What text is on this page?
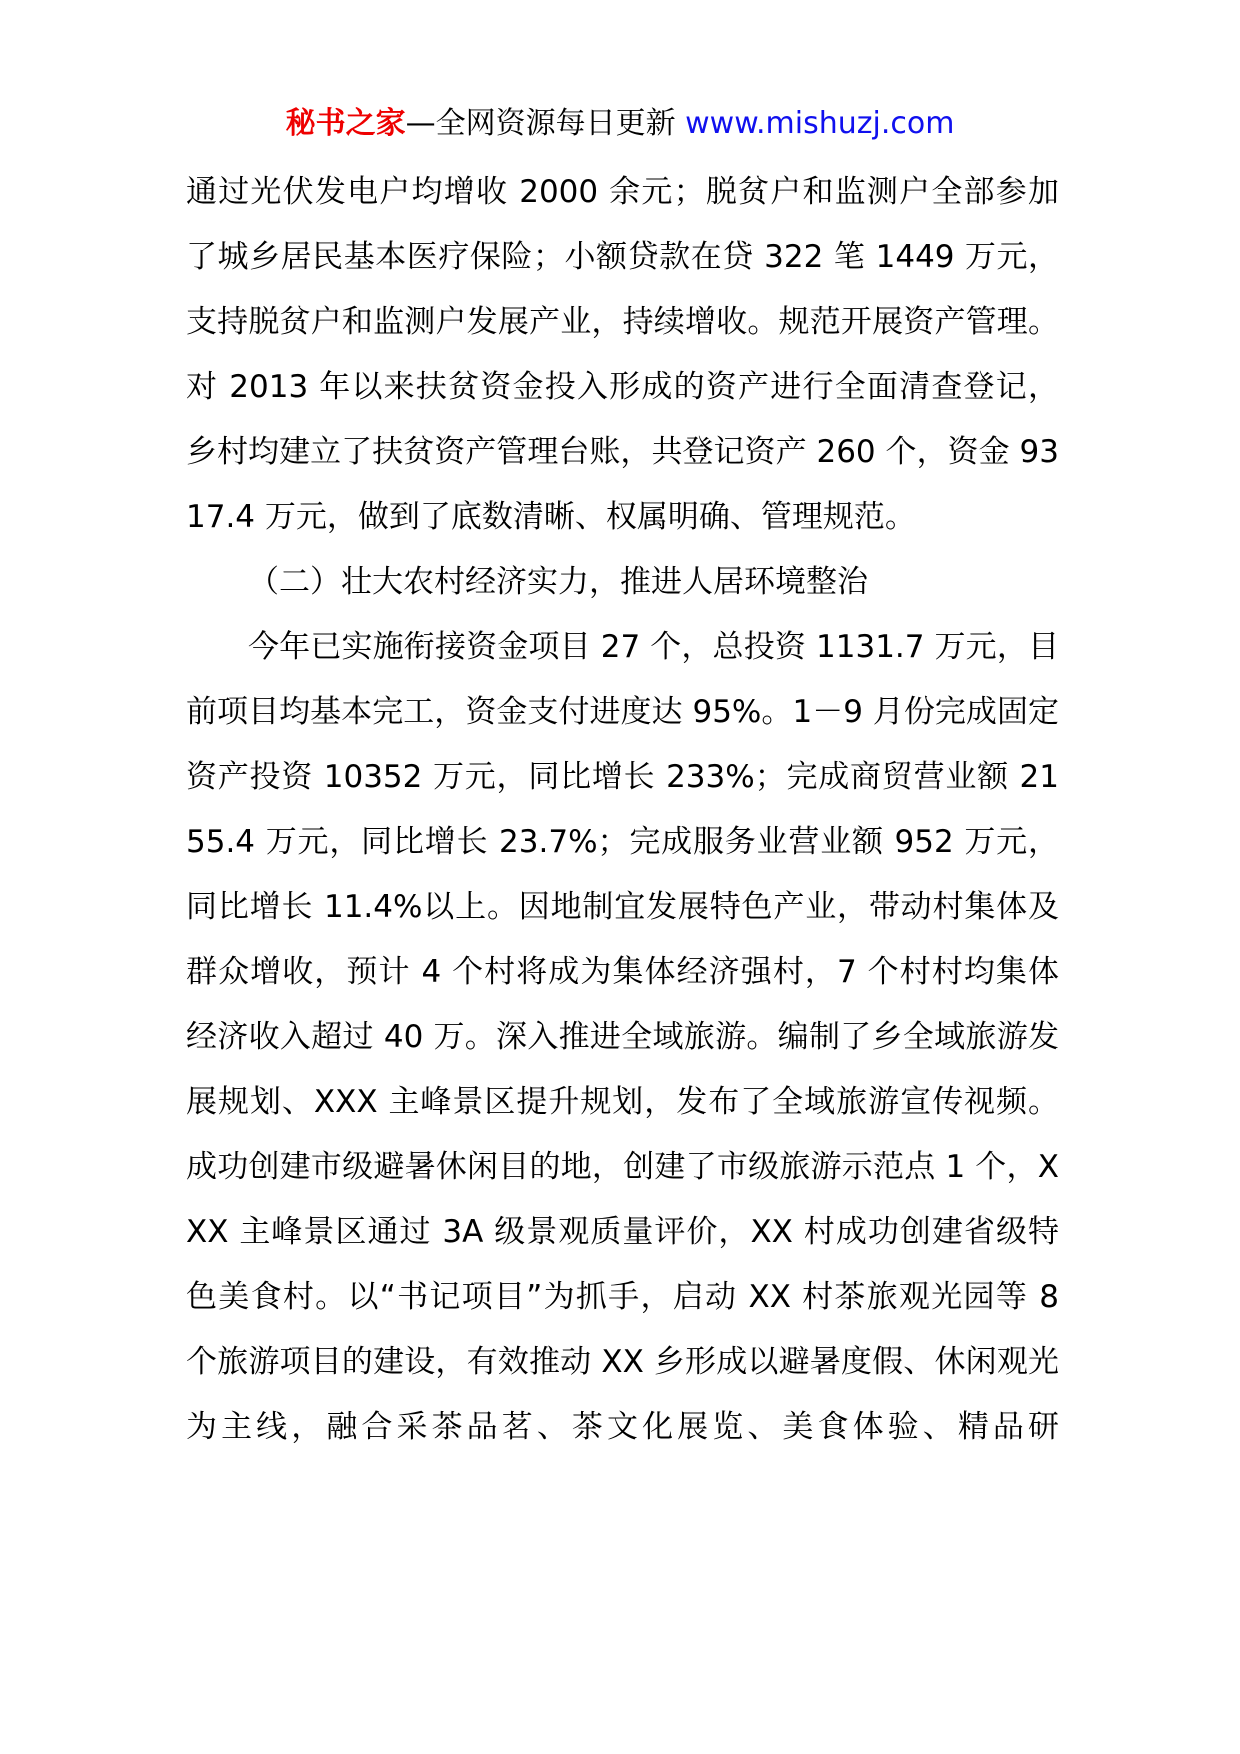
秘书之家—全网资源每日更新 www.mishuzj.com

通过光伏发电户均增收 2000 余元；脱贫户和监测户全部参加了城乡居民基本医疗保险；小额贷款在贷 322 笔 1449 万元，支持脱贫户和监测户发展产业，持续增收。规范开展资产管理。对 2013 年以来扶贫资金投入形成的资产进行全面清查登记，乡村均建立了扶贫资产管理台账，共登记资产 260 个，资金 9317.4 万元，做到了底数清晰、权属明确、管理规范。

（二）壮大农村经济实力，推进人居环境整治

今年已实施衔接资金项目 27 个，总投资 1131.7 万元，目前项目均基本完工，资金支付进度达 95%。1－9 月份完成固定资产投资 10352 万元，同比增长 233%；完成商贸营业额 2155.4 万元，同比增长 23.7%；完成服务业营业额 952 万元，同比增长 11.4%以上。因地制宜发展特色产业，带动村集体及群众增收，预计 4 个村将成为集体经济强村，7 个村村均集体经济收入超过 40 万。深入推进全域旅游。编制了乡全域旅游发展规划、XXX 主峰景区提升规划，发布了全域旅游宣传视频。成功创建市级避暑休闲目的地，创建了市级旅游示范点 1 个，XXX 主峰景区通过 3A 级景观质量评价，XX 村成功创建省级特色美食村。以“书记项目”为抓手，启动 XX 村茶旅观光园等 8 个旅游项目的建设，有效推动 XX 乡形成以避暑度假、休闲观光为主线，融合采茶品茗、茶文化展览、美食体验、精品研
